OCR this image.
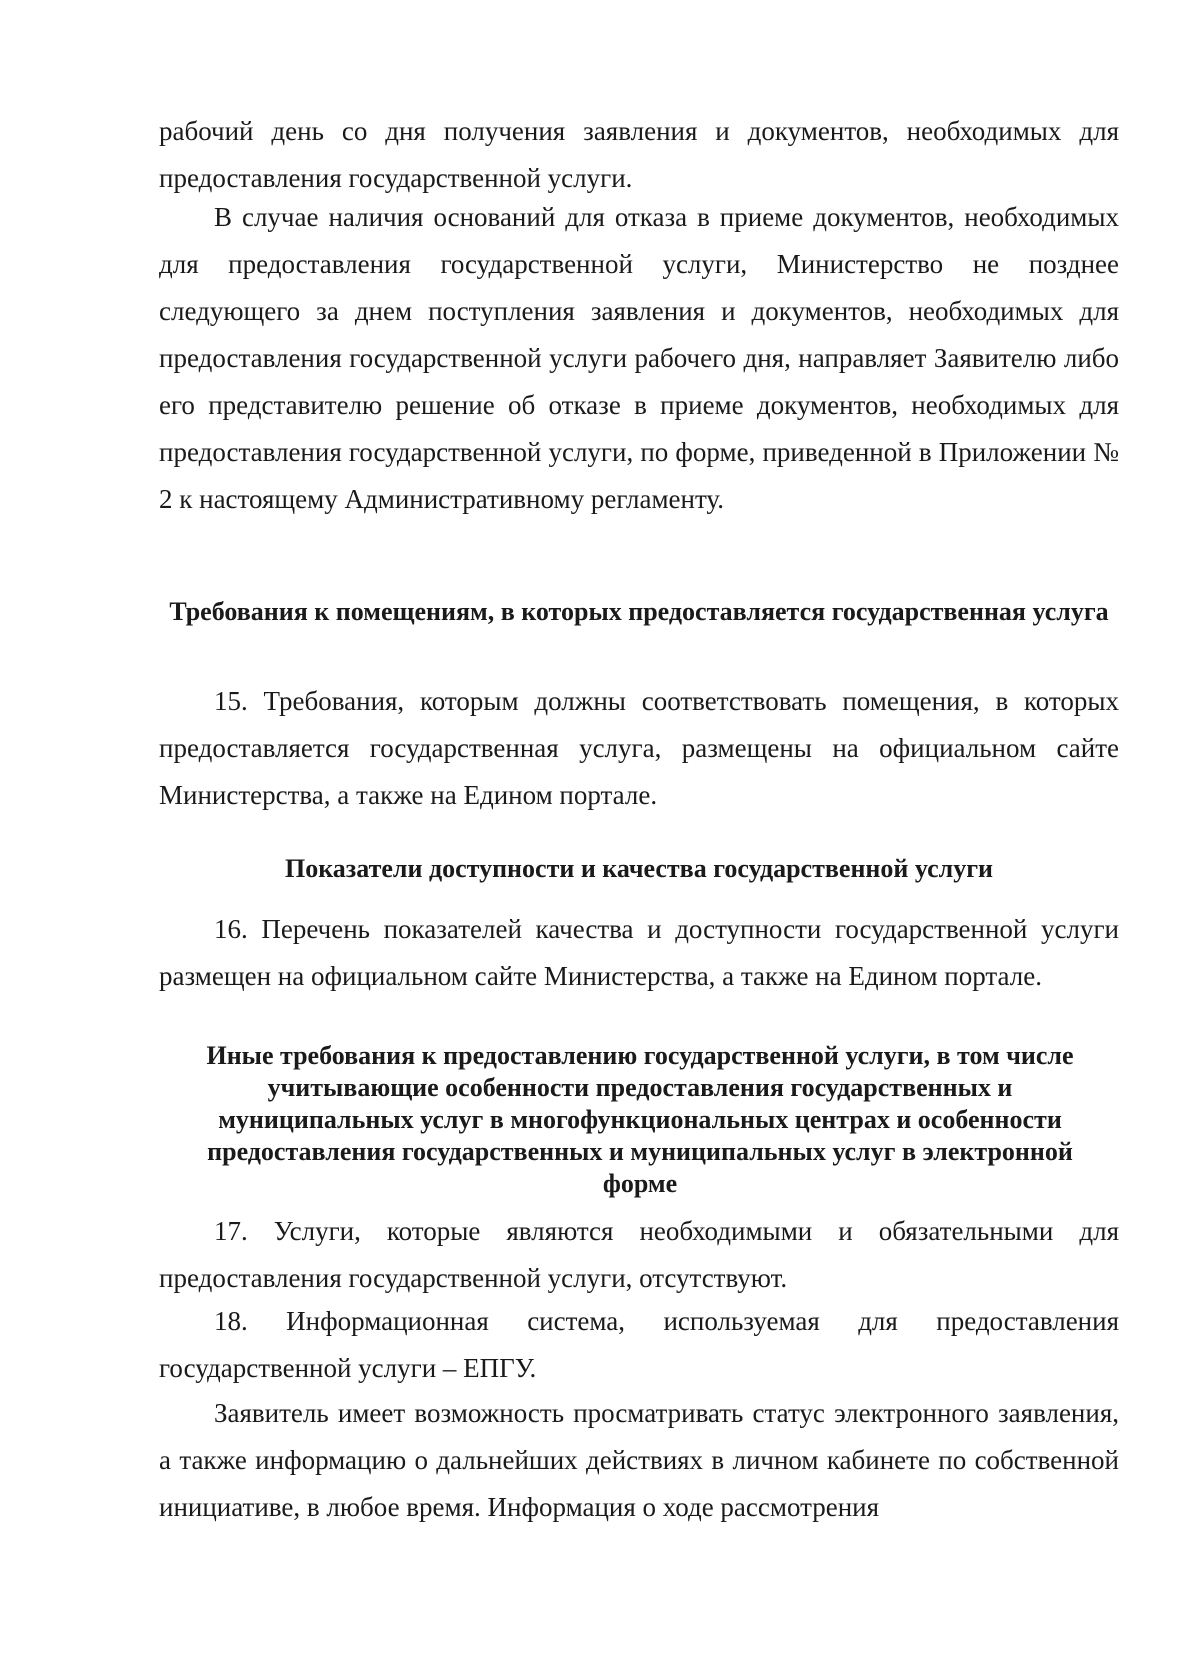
рабочий день со дня получения заявления и документов, необходимых для предоставления государственной услуги.

В случае наличия оснований для отказа в приеме документов, необходимых для предоставления государственной услуги, Министерство не позднее следующего за днем поступления заявления и документов, необходимых для предоставления государственной услуги рабочего дня, направляет Заявителю либо его представителю решение об отказе в приеме документов, необходимых для предоставления государственной услуги, по форме, приведенной в Приложении № 2 к настоящему Административному регламенту.

Требования к помещениям, в которых предоставляется государственная услуга

15. Требования, которым должны соответствовать помещения, в которых предоставляется государственная услуга, размещены на официальном сайте Министерства, а также на Едином портале.

Показатели доступности и качества государственной услуги

16. Перечень показателей качества и доступности государственной услуги размещен на официальном сайте Министерства, а также на Едином портале.

Иные требования к предоставлению государственной услуги, в том числе учитывающие особенности предоставления государственных и муниципальных услуг в многофункциональных центрах и особенности предоставления государственных и муниципальных услуг в электронной форме

17. Услуги, которые являются необходимыми и обязательными для предоставления государственной услуги, отсутствуют.

18. Информационная система, используемая для предоставления государственной услуги – ЕПГУ.

Заявитель имеет возможность просматривать статус электронного заявления, а также информацию о дальнейших действиях в личном кабинете по собственной инициативе, в любое время. Информация о ходе рассмотрения
